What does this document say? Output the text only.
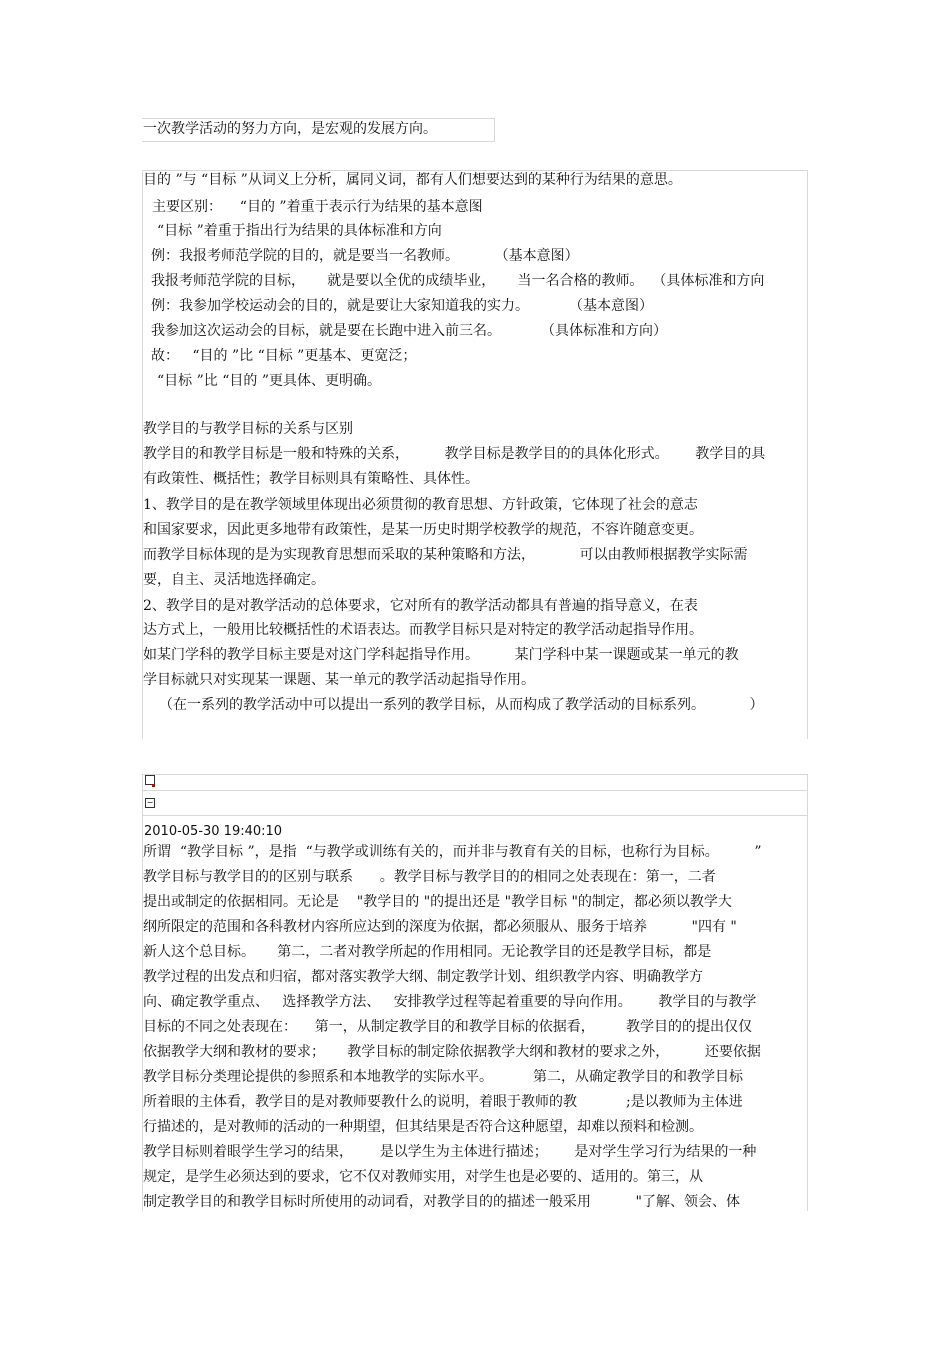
一次教学活动的努力方向，是宏观的发展方向。

目的 ”与 “目标 ”从词义上分析，属同义词，都有人们想要达到的某种行为结果的意思。

主要区别：    “目的 ”着重于表示行为结果的基本意图

“目标 ”着重于指出行为结果的具体标准和方向

例：我报考师范学院的目的，就是要当一名教师。        （基本意图）

我报考师范学院的目标，     就是要以全优的成绩毕业，     当一名合格的教师。  （具体标准和方向

例：我参加学校运动会的目的，就是要让大家知道我的实力。         （基本意图）

我参加这次运动会的目标，就是要在长跑中进入前三名。         （具体标准和方向）

故：   “目的 ”比 “目标 ”更基本、更宽泛；

“目标 ”比 “目的 ”更具体、更明确。

教学目的与教学目标的关系与区别

教学目的和教学目标是一般和特殊的关系，        教学目标是教学目的的具体化形式。      教学目的具

有政策性、概括性；教学目标则具有策略性、具体性。

1、教学目的是在教学领域里体现出必须贯彻的教育思想、方针政策，它体现了社会的意志

和国家要求，因此更多地带有政策性，是某一历史时期学校教学的规范，不容许随意变更。

而教学目标体现的是为实现教育思想而采取的某种策略和方法，          可以由教师根据教学实际需

要，自主、灵活地选择确定。

2、教学目的是对教学活动的总体要求，它对所有的教学活动都具有普遍的指导意义，在表

达方式上，一般用比较概括性的术语表达。而教学目标只是对特定的教学活动起指导作用。

如某门学科的教学目标主要是对这门学科起指导作用。        某门学科中某一课题或某一单元的教

学目标就只对实现某一课题、某一单元的教学活动起指导作用。

（在一系列的教学活动中可以提出一系列的教学目标，从而构成了教学活动的目标系列。          ）

−

2010-05-30 19:40:10

所谓  “教学目标 ”，是指  “与教学或训练有关的，而并非与教育有关的目标，也称行为目标。        ”

教学目标与教学目的的区别与联系      。教学目标与教学目的的相同之处表现在：第一，二者

提出或制定的依据相同。无论是    "教学目的 "的提出还是 "教学目标 "的制定，都必须以教学大

纲所限定的范围和各科教材内容所应达到的深度为依据，都必须服从、服务于培养          "四有 "

新人这个总目标。     第二，二者对教学所起的作用相同。无论教学目的还是教学目标，都是

教学过程的出发点和归宿，都对落实教学大纲、制定教学计划、组织教学内容、明确教学方

向、确定教学重点、   选择教学方法、   安排教学过程等起着重要的导向作用。      教学目的与教学

目标的不同之处表现在：    第一，从制定教学目的和教学目标的依据看，       教学目的的提出仅仅

依据教学大纲和教材的要求；     教学目标的制定除依据教学大纲和教材的要求之外，        还要依据

教学目标分类理论提供的参照系和本地教学的实际水平。         第二，从确定教学目的和教学目标

所着眼的主体看，教学目的是对教师要教什么的说明，着眼于教师的教           ;是以教师为主体进

行描述的，是对教师的活动的一种期望，但其结果是否符合这种愿望，却难以预料和检测。

教学目标则着眼学生学习的结果，      是以学生为主体进行描述；      是对学生学习行为结果的一种

规定，是学生必须达到的要求，它不仅对教师实用，对学生也是必要的、适用的。第三，从

制定教学目的和教学目标时所使用的动词看，对教学目的的描述一般采用          "了解、领会、体
